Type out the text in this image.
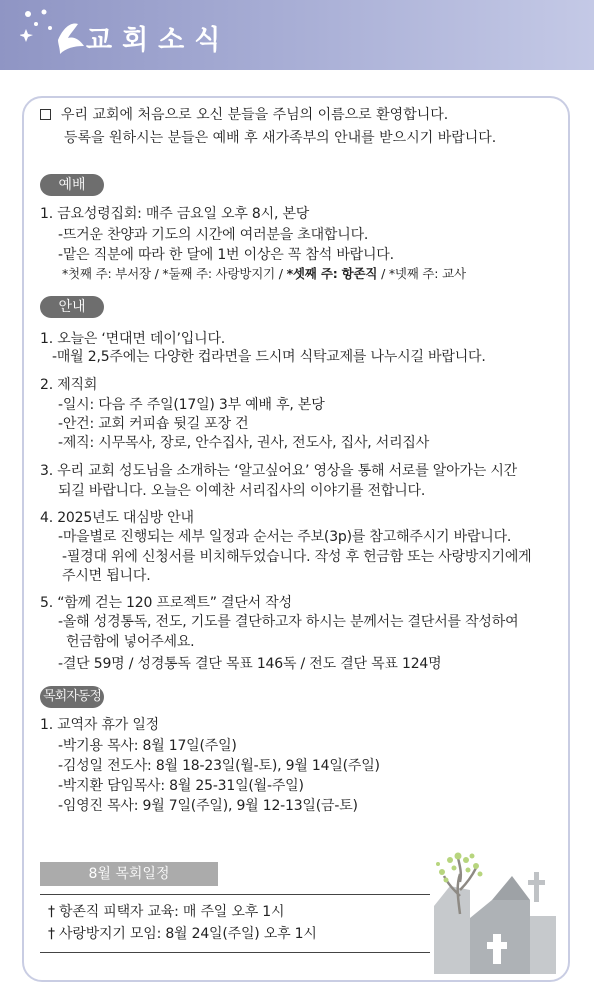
교회소식
우리 교회에 처음으로 오신 분들을 주님의 이름으로 환영합니다.
등록을 원하시는 분들은 예배 후 새가족부의 안내를 받으시기 바랍니다.
예배
1. 금요성령집회: 매주 금요일 오후 8시, 본당
-뜨거운 찬양과 기도의 시간에 여러분을 초대합니다.
-맡은 직분에 따라 한 달에 1번 이상은 꼭 참석 바랍니다.
*첫째 주: 부서장 / *둘째 주: 사랑방지기 / *셋째 주: 항존직 / *넷째 주: 교사
안내
1. 오늘은 ‘면대면 데이’입니다.
-매월 2,5주에는 다양한 컵라면을 드시며 식탁교제를 나누시길 바랍니다.
2. 제직회
-일시: 다음 주 주일(17일) 3부 예배 후, 본당
-안건: 교회 커피숍 뒷길 포장 건
-제직: 시무목사, 장로, 안수집사, 권사, 전도사, 집사, 서리집사
3. 우리 교회 성도님을 소개하는 ‘알고싶어요’ 영상을 통해 서로를 알아가는 시간
되길 바랍니다. 오늘은 이예찬 서리집사의 이야기를 전합니다.
4. 2025년도 대심방 안내
-마을별로 진행되는 세부 일정과 순서는 주보(3p)를 참고해주시기 바랍니다.
-필경대 위에 신청서를 비치해두었습니다. 작성 후 헌금함 또는 사랑방지기에게
주시면 됩니다.
5. “함께 걷는 120 프로젝트” 결단서 작성
-올해 성경통독, 전도, 기도를 결단하고자 하시는 분께서는 결단서를 작성하여
헌금함에 넣어주세요.
-결단 59명 / 성경통독 결단 목표 146독 / 전도 결단 목표 124명
목회자동정
1. 교역자 휴가 일정
-박기용 목사: 8월 17일(주일)
-김성일 전도사: 8월 18-23일(월-토), 9월 14일(주일)
-박지환 담임목사: 8월 25-31일(월-주일)
-임영진 목사: 9월 7일(주일), 9월 12-13일(금-토)
8월 목회일정
† 항존직 피택자 교육: 매 주일 오후 1시
† 사랑방지기 모임: 8월 24일(주일) 오후 1시
